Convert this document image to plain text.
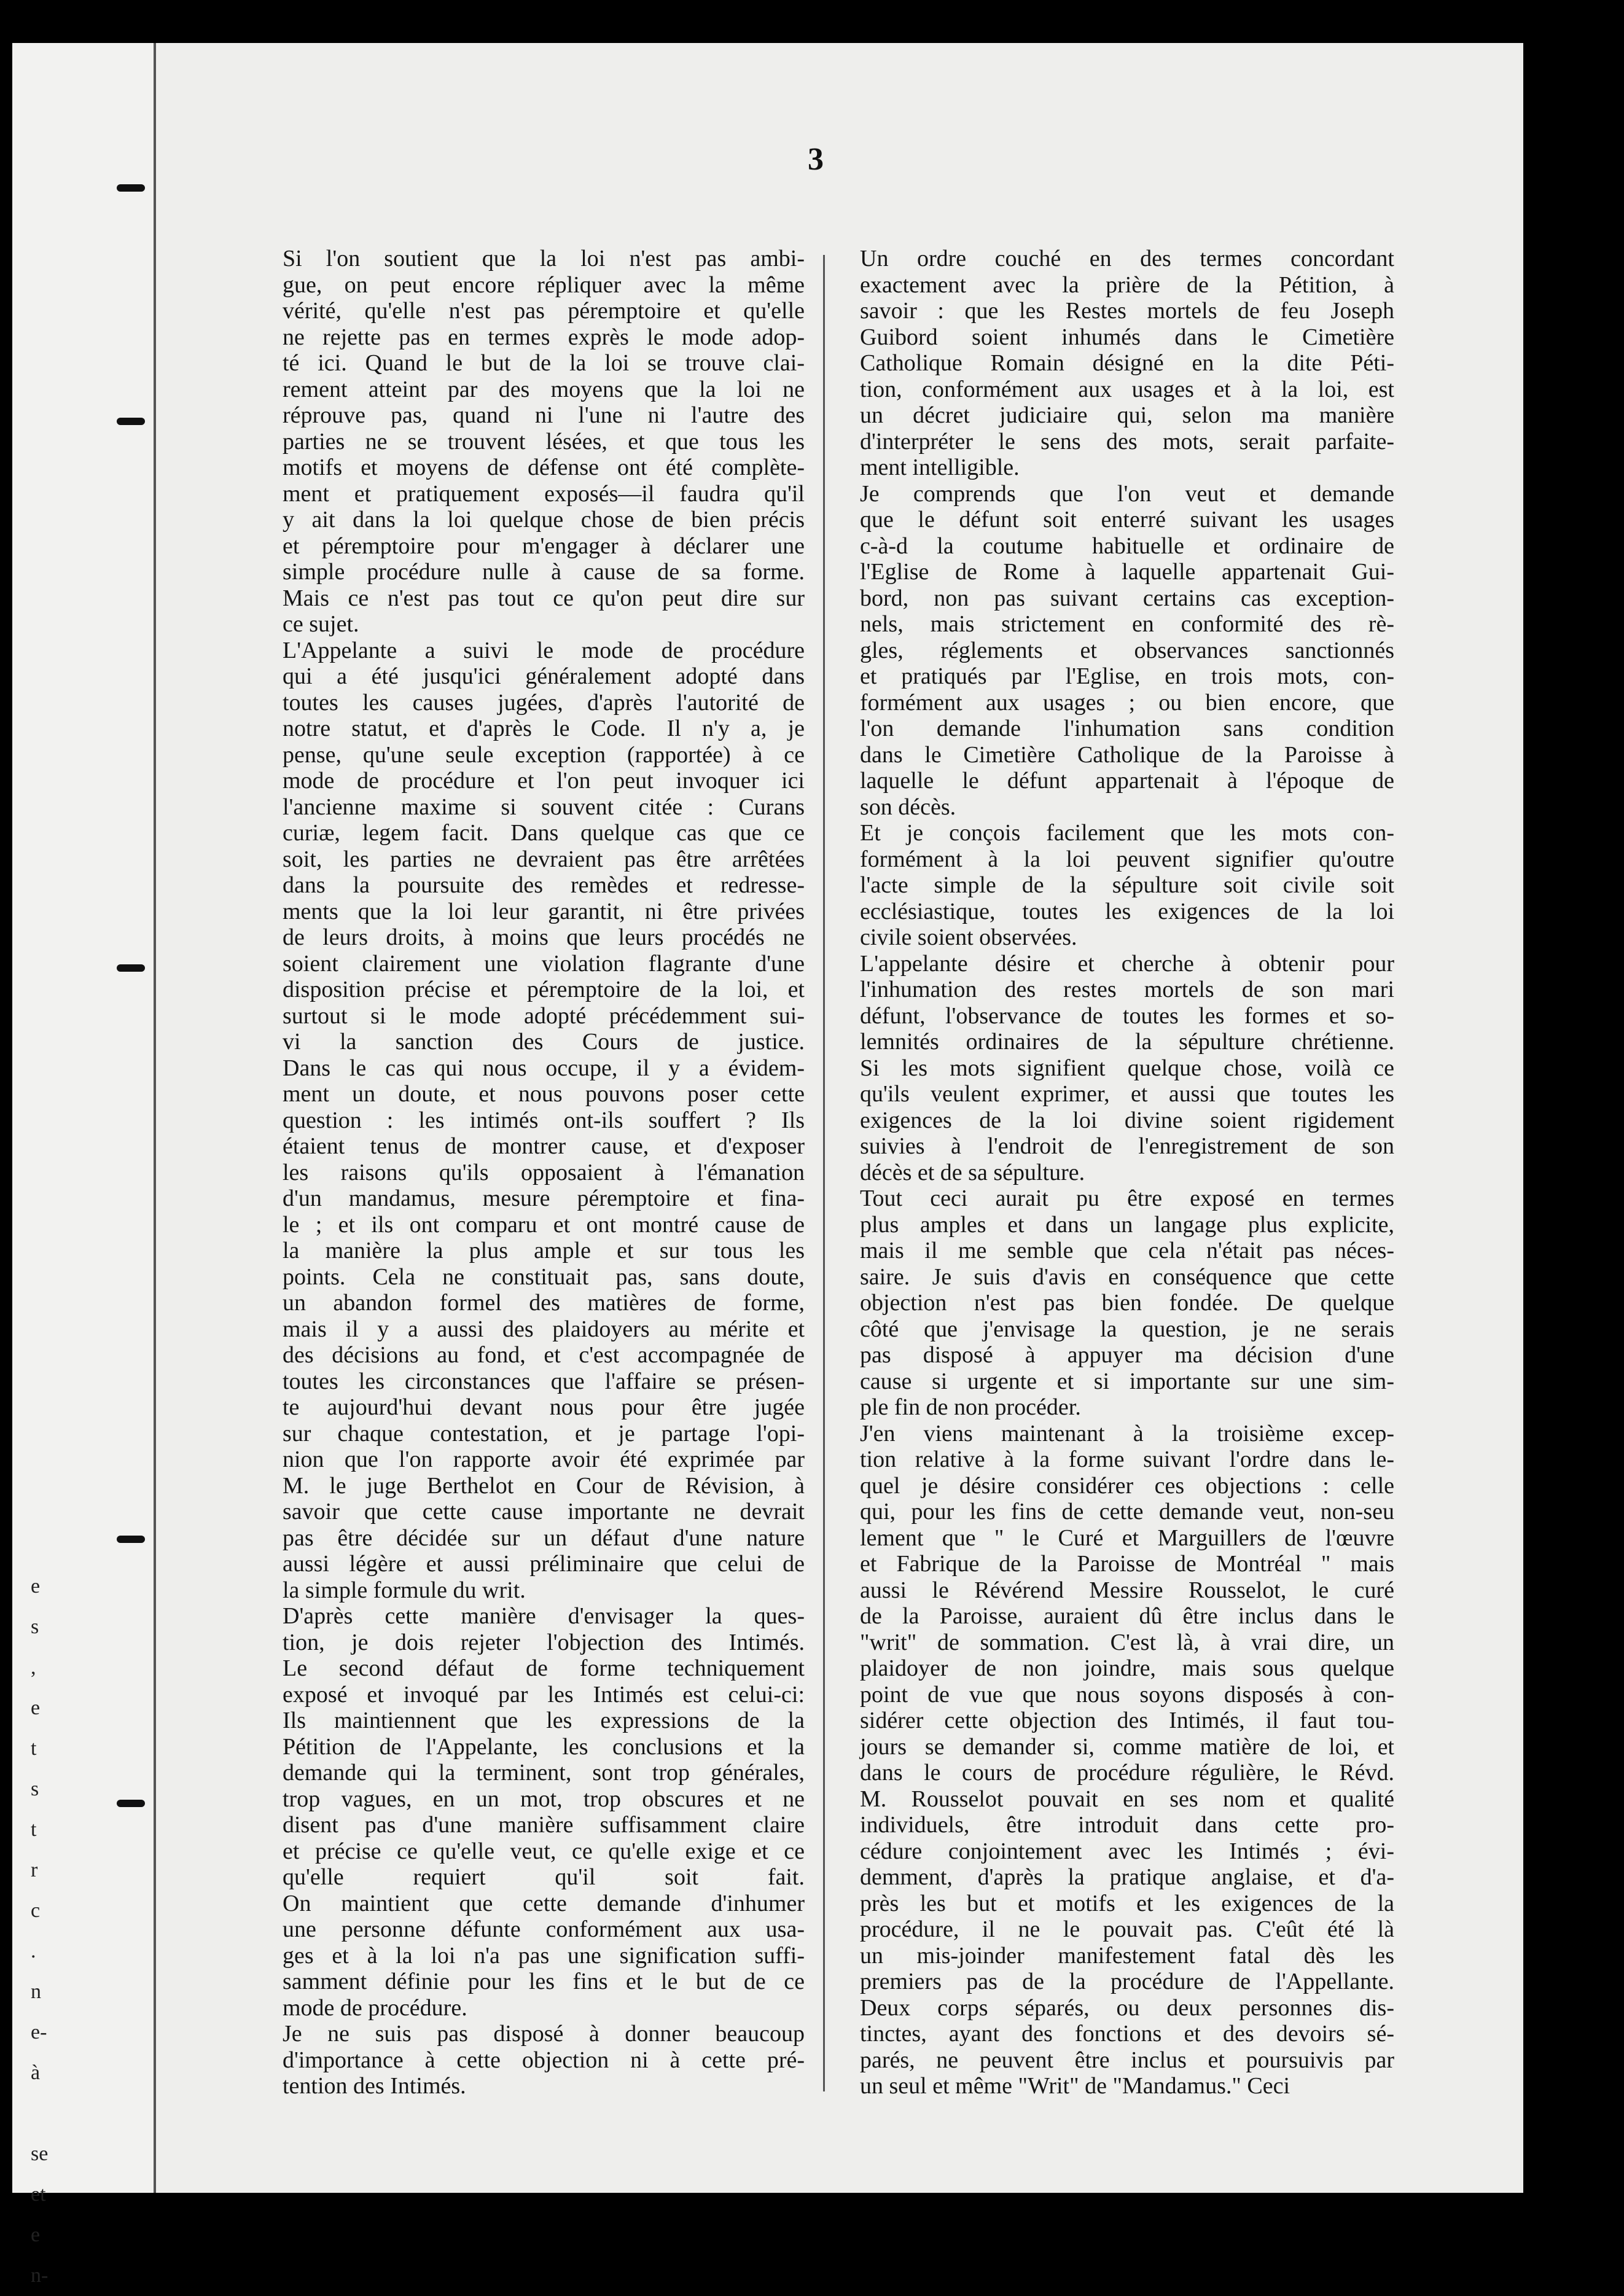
e
s
,
e
t
s
t
r
c
.
n
e-
à
se
et
e
n-
3
Si l'on soutient que la loi n'est pas ambi-
gue, on peut encore répliquer avec la même
vérité, qu'elle n'est pas péremptoire et qu'elle
ne rejette pas en termes exprès le mode adop-
té ici. Quand le but de la loi se trouve clai-
rement atteint par des moyens que la loi ne
réprouve pas, quand ni l'une ni l'autre des
parties ne se trouvent lésées, et que tous les
motifs et moyens de défense ont été complète-
ment et pratiquement exposés—il faudra qu'il
y ait dans la loi quelque chose de bien précis
et péremptoire pour m'engager à déclarer une
simple procédure nulle à cause de sa forme.
Mais ce n'est pas tout ce qu'on peut dire sur
ce sujet.
L'Appelante a suivi le mode de procédure
qui a été jusqu'ici généralement adopté dans
toutes les causes jugées, d'après l'autorité de
notre statut, et d'après le Code. Il n'y a, je
pense, qu'une seule exception (rapportée) à ce
mode de procédure et l'on peut invoquer ici
l'ancienne maxime si souvent citée : Curans
curiæ, legem facit. Dans quelque cas que ce
soit, les parties ne devraient pas être arrêtées
dans la poursuite des remèdes et redresse-
ments que la loi leur garantit, ni être privées
de leurs droits, à moins que leurs procédés ne
soient clairement une violation flagrante d'une
disposition précise et péremptoire de la loi, et
surtout si le mode adopté précédemment sui-
vi la sanction des Cours de justice.
Dans le cas qui nous occupe, il y a évidem-
ment un doute, et nous pouvons poser cette
question : les intimés ont-ils souffert ? Ils
étaient tenus de montrer cause, et d'exposer
les raisons qu'ils opposaient à l'émanation
d'un mandamus, mesure péremptoire et fina-
le ; et ils ont comparu et ont montré cause de
la manière la plus ample et sur tous les
points. Cela ne constituait pas, sans doute,
un abandon formel des matières de forme,
mais il y a aussi des plaidoyers au mérite et
des décisions au fond, et c'est accompagnée de
toutes les circonstances que l'affaire se présen-
te aujourd'hui devant nous pour être jugée
sur chaque contestation, et je partage l'opi-
nion que l'on rapporte avoir été exprimée par
M. le juge Berthelot en Cour de Révision, à
savoir que cette cause importante ne devrait
pas être décidée sur un défaut d'une nature
aussi légère et aussi préliminaire que celui de
la simple formule du writ.
D'après cette manière d'envisager la ques-
tion, je dois rejeter l'objection des Intimés.
Le second défaut de forme techniquement
exposé et invoqué par les Intimés est celui-ci:
Ils maintiennent que les expressions de la
Pétition de l'Appelante, les conclusions et la
demande qui la terminent, sont trop générales,
trop vagues, en un mot, trop obscures et ne
disent pas d'une manière suffisamment claire
et précise ce qu'elle veut, ce qu'elle exige et ce
qu'elle requiert qu'il soit fait.
On maintient que cette demande d'inhumer
une personne défunte conformément aux usa-
ges et à la loi n'a pas une signification suffi-
samment définie pour les fins et le but de ce
mode de procédure.
Je ne suis pas disposé à donner beaucoup
d'importance à cette objection ni à cette pré-
tention des Intimés.
Un ordre couché en des termes concordant
exactement avec la prière de la Pétition, à
savoir : que les Restes mortels de feu Joseph
Guibord soient inhumés dans le Cimetière
Catholique Romain désigné en la dite Péti-
tion, conformément aux usages et à la loi, est
un décret judiciaire qui, selon ma manière
d'interpréter le sens des mots, serait parfaite-
ment intelligible.
Je comprends que l'on veut et demande
que le défunt soit enterré suivant les usages
c-à-d la coutume habituelle et ordinaire de
l'Eglise de Rome à laquelle appartenait Gui-
bord, non pas suivant certains cas exception-
nels, mais strictement en conformité des rè-
gles, réglements et observances sanctionnés
et pratiqués par l'Eglise, en trois mots, con-
formément aux usages ; ou bien encore, que
l'on demande l'inhumation sans condition
dans le Cimetière Catholique de la Paroisse à
laquelle le défunt appartenait à l'époque de
son décès.
Et je conçois facilement que les mots con-
formément à la loi peuvent signifier qu'outre
l'acte simple de la sépulture soit civile soit
ecclésiastique, toutes les exigences de la loi
civile soient observées.
L'appelante désire et cherche à obtenir pour
l'inhumation des restes mortels de son mari
défunt, l'observance de toutes les formes et so-
lemnités ordinaires de la sépulture chrétienne.
Si les mots signifient quelque chose, voilà ce
qu'ils veulent exprimer, et aussi que toutes les
exigences de la loi divine soient rigidement
suivies à l'endroit de l'enregistrement de son
décès et de sa sépulture.
Tout ceci aurait pu être exposé en termes
plus amples et dans un langage plus explicite,
mais il me semble que cela n'était pas néces-
saire. Je suis d'avis en conséquence que cette
objection n'est pas bien fondée. De quelque
côté que j'envisage la question, je ne serais
pas disposé à appuyer ma décision d'une
cause si urgente et si importante sur une sim-
ple fin de non procéder.
J'en viens maintenant à la troisième excep-
tion relative à la forme suivant l'ordre dans le-
quel je désire considérer ces objections : celle
qui, pour les fins de cette demande veut, non-seu
lement que " le Curé et Marguillers de l'œuvre
et Fabrique de la Paroisse de Montréal " mais
aussi le Révérend Messire Rousselot, le curé
de la Paroisse, auraient dû être inclus dans le
"writ" de sommation. C'est là, à vrai dire, un
plaidoyer de non joindre, mais sous quelque
point de vue que nous soyons disposés à con-
sidérer cette objection des Intimés, il faut tou-
jours se demander si, comme matière de loi, et
dans le cours de procédure régulière, le Révd.
M. Rousselot pouvait en ses nom et qualité
individuels, être introduit dans cette pro-
cédure conjointement avec les Intimés ; évi-
demment, d'après la pratique anglaise, et d'a-
près les but et motifs et les exigences de la
procédure, il ne le pouvait pas. C'eût été là
un mis-joinder manifestement fatal dès les
premiers pas de la procédure de l'Appellante.
Deux corps séparés, ou deux personnes dis-
tinctes, ayant des fonctions et des devoirs sé-
parés, ne peuvent être inclus et poursuivis par
un seul et même "Writ" de "Mandamus." Ceci
